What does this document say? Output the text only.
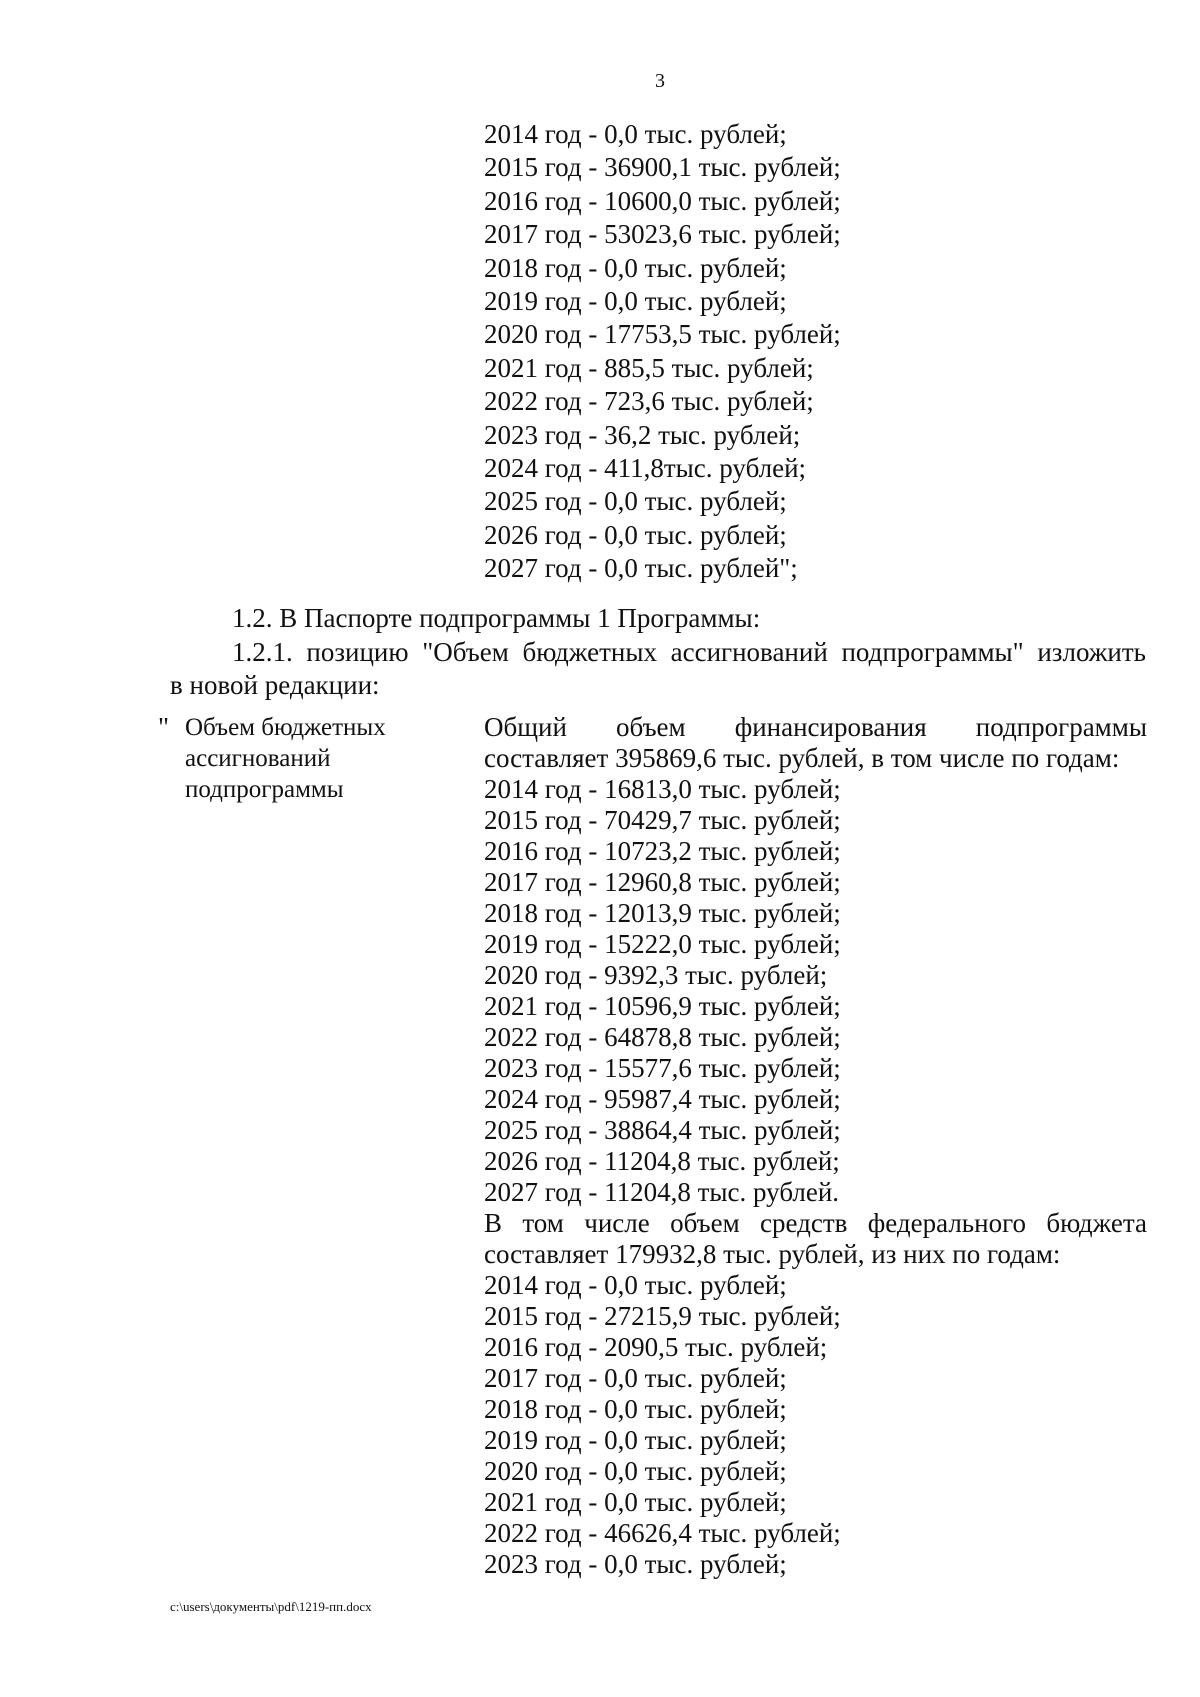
3
2014 год - 0,0 тыс. рублей;
2015 год - 36900,1 тыс. рублей;
2016 год - 10600,0 тыс. рублей;
2017 год - 53023,6 тыс. рублей;
2018 год - 0,0 тыс. рублей;
2019 год - 0,0 тыс. рублей;
2020 год - 17753,5 тыс. рублей;
2021 год - 885,5 тыс. рублей;
2022 год - 723,6 тыс. рублей;
2023 год - 36,2 тыс. рублей;
2024 год - 411,8тыс. рублей;
2025 год - 0,0 тыс. рублей;
2026 год - 0,0 тыс. рублей;
2027 год - 0,0 тыс. рублей";
1.2. В Паспорте подпрограммы 1 Программы:
1.2.1. позицию "Объем бюджетных ассигнований подпрограммы" изложить
в новой редакции:
" Объем бюджетных
ассигнований
подпрограммы
Общий объем финансирования подпрограммы
составляет 395869,6 тыс. рублей, в том числе по годам:
2014 год - 16813,0 тыс. рублей;
2015 год - 70429,7 тыс. рублей;
2016 год - 10723,2 тыс. рублей;
2017 год - 12960,8 тыс. рублей;
2018 год - 12013,9 тыс. рублей;
2019 год - 15222,0 тыс. рублей;
2020 год - 9392,3 тыс. рублей;
2021 год - 10596,9 тыс. рублей;
2022 год - 64878,8 тыс. рублей;
2023 год - 15577,6 тыс. рублей;
2024 год - 95987,4 тыс. рублей;
2025 год - 38864,4 тыс. рублей;
2026 год - 11204,8 тыс. рублей;
2027 год - 11204,8 тыс. рублей.
В том числе объем средств федерального бюджета
составляет 179932,8 тыс. рублей, из них по годам:
2014 год - 0,0 тыс. рублей;
2015 год - 27215,9 тыс. рублей;
2016 год - 2090,5 тыс. рублей;
2017 год - 0,0 тыс. рублей;
2018 год - 0,0 тыс. рублей;
2019 год - 0,0 тыс. рублей;
2020 год - 0,0 тыс. рублей;
2021 год - 0,0 тыс. рублей;
2022 год - 46626,4 тыс. рублей;
2023 год - 0,0 тыс. рублей;
c:\users\документы\pdf\1219-пп.docx
